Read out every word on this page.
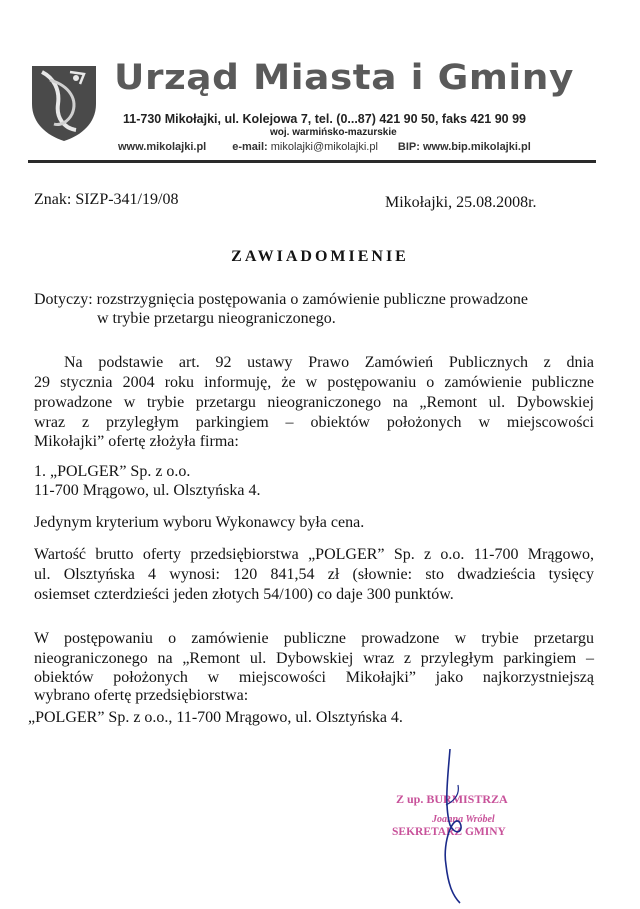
Urząd Miasta i Gminy
11-730 Mikołajki, ul. Kolejowa 7, tel. (0...87) 421 90 50, faks 421 90 99
woj. warmińsko-mazurskie
www.mikolajki.pl e-mail: mikolajki@mikolajki.pl BIP: www.bip.mikolajki.pl
Znak: SIZP-341/19/08	Mikołajki, 25.08.2008r.
ZAWIADOMIENIE
Dotyczy: rozstrzygnięcia postępowania o zamówienie publiczne prowadzone
w trybie przetargu nieograniczonego.
Na podstawie art. 92 ustawy Prawo Zamówień Publicznych z dnia
29 stycznia 2004 roku informuję, że w postępowaniu o zamówienie publiczne
prowadzone w trybie przetargu nieograniczonego na „Remont ul. Dybowskiej
wraz z przyległym parkingiem – obiektów położonych w miejscowości
Mikołajki” ofertę złożyła firma:
1. „POLGER” Sp. z o.o.
11-700 Mrągowo, ul. Olsztyńska 4.
Jedynym kryterium wyboru Wykonawcy była cena.
Wartość brutto oferty przedsiębiorstwa „POLGER” Sp. z o.o. 11-700 Mrągowo,
ul. Olsztyńska 4 wynosi: 120 841,54 zł (słownie: sto dwadzieścia tysięcy
osiemset czterdzieści jeden złotych 54/100) co daje 300 punktów.
W postępowaniu o zamówienie publiczne prowadzone w trybie przetargu
nieograniczonego na „Remont ul. Dybowskiej wraz z przyległym parkingiem –
obiektów położonych w miejscowości Mikołajki” jako najkorzystniejszą
wybrano ofertę przedsiębiorstwa:
„POLGER” Sp. z o.o., 11-700 Mrągowo, ul. Olsztyńska 4.
Z up. BURMISTRZA
Joanna Wróbel
SEKRETARZ GMINY
